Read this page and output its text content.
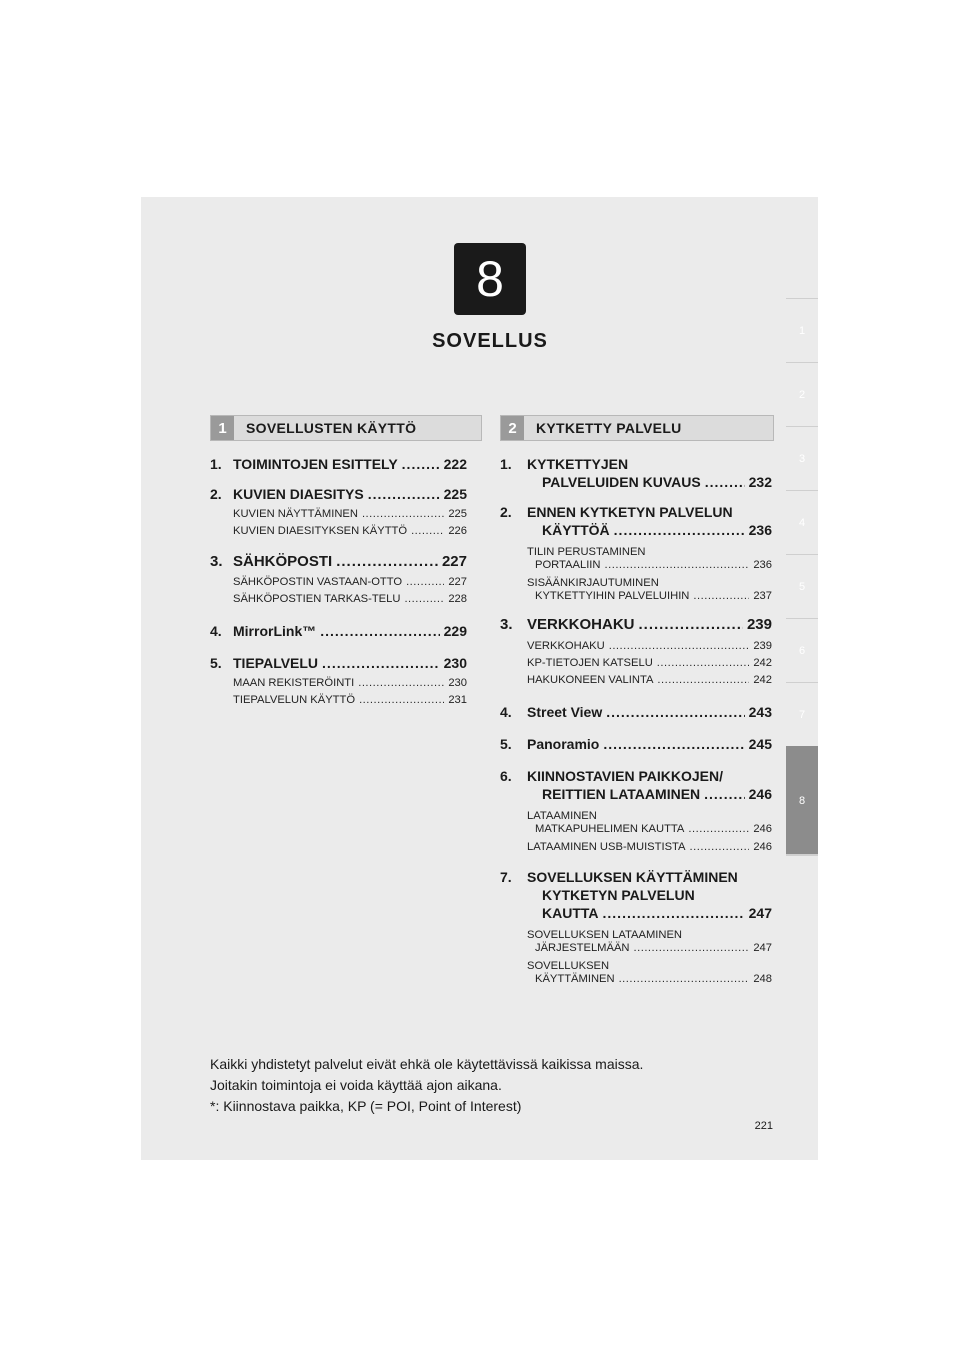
8
SOVELLUS	1
2
3
4
5
6
7
8
1	SOVELLUSTEN KÄYTTÖ	2	KYTKETTY PALVELU
1. TOIMINTOJEN ESITTELY .....	222
2. KUVIEN DIAESITYS .....	225
KUVIEN NÄYTTÄMINEN .....	225
KUVIEN DIAESITYKSEN KÄYTTÖ .....	226
3. SÄHKÖPOSTI .....	227
SÄHKÖPOSTIN VASTAAN-OTTO .....	227
SÄHKÖPOSTIEN TARKAS-TELU .....	228
4. MirrorLink™ .....	229
5. TIEPALVELU .....	230
MAAN REKISTERÖINTI .....	230
TIEPALVELUN KÄYTTÖ .....	231
1.	KYTKETTYJEN
PALVELUIDEN KUVAUS .....	232
2.	ENNEN KYTKETYN PALVELUN
KÄYTTÖÄ .....	236
TILIN PERUSTAMINEN
PORTAALIIN .....	236
SISÄÄNKIRJAUTUMINEN
KYTKETTYIHIN PALVELUIHIN .....	237
3. VERKKOHAKU .....	239
VERKKOHAKU .....	239
KP-TIETOJEN KATSELU .....	242
HAKUKONEEN VALINTA .....	242
4.	Street View .....	243
5.	Panoramio .....	245
6.	KIINNOSTAVIEN PAIKKOJEN/
REITTIEN LATAAMINEN .....	246
LATAAMINEN
MATKAPUHELIMEN KAUTTA .....	246
LATAAMINEN USB-MUISTISTA .....	246
7.	SOVELLUKSEN KÄYTTÄMINEN
KYTKETYN PALVELUN
KAUTTA .....	247
SOVELLUKSEN LATAAMINEN
JÄRJESTELMÄÄN .....	247
SOVELLUKSEN
KÄYTTÄMINEN .....	248
Kaikki yhdistetyt palvelut eivät ehkä ole käytettävissä kaikissa maissa.
Joitakin toimintoja ei voida käyttää ajon aikana.
*: Kiinnostava paikka, KP (= POI, Point of Interest)
221
